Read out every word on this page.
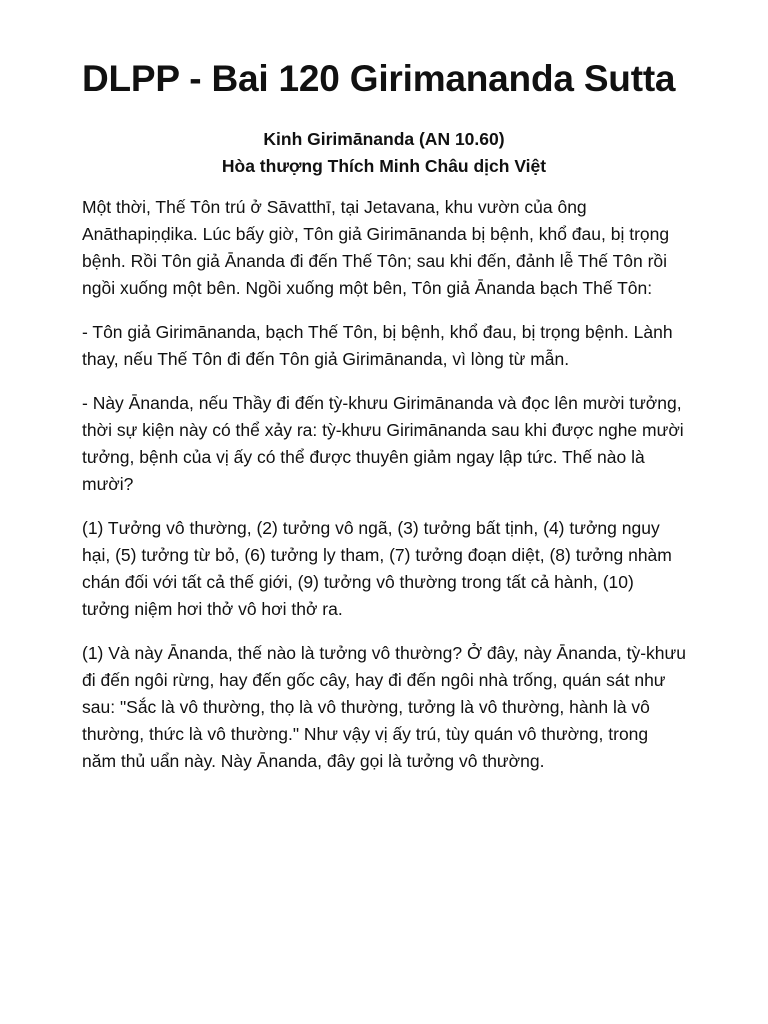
DLPP - Bai 120 Girimananda Sutta
Kinh Girimānanda (AN 10.60)
Hòa thượng Thích Minh Châu dịch Việt

Một thời, Thế Tôn trú ở Sāvatthī, tại Jetavana, khu vườn của ông Anāthapiṇḍika. Lúc bấy giờ, Tôn giả Girimānanda bị bệnh, khổ đau, bị trọng bệnh. Rồi Tôn giả Ānanda đi đến Thế Tôn; sau khi đến, đảnh lễ Thế Tôn rồi ngồi xuống một bên. Ngồi xuống một bên, Tôn giả Ānanda bạch Thế Tôn:

- Tôn giả Girimānanda, bạch Thế Tôn, bị bệnh, khổ đau, bị trọng bệnh. Lành thay, nếu Thế Tôn đi đến Tôn giả Girimānanda, vì lòng từ mẫn.

- Này Ānanda, nếu Thầy đi đến tỳ-khưu Girimānanda và đọc lên mười tưởng, thời sự kiện này có thể xảy ra: tỳ-khưu Girimānanda sau khi được nghe mười tưởng, bệnh của vị ấy có thể được thuyên giảm ngay lập tức. Thế nào là mười?

(1) Tưởng vô thường, (2) tưởng vô ngã, (3) tưởng bất tịnh, (4) tưởng nguy hại, (5) tưởng từ bỏ, (6) tưởng ly tham, (7) tưởng đoạn diệt, (8) tưởng nhàm chán đối với tất cả thế giới, (9) tưởng vô thường trong tất cả hành, (10) tưởng niệm hơi thở vô hơi thở ra.

(1) Và này Ānanda, thế nào là tưởng vô thường? Ở đây, này Ānanda, tỳ-khưu đi đến ngôi rừng, hay đến gốc cây, hay đi đến ngôi nhà trống, quán sát như sau: "Sắc là vô thường, thọ là vô thường, tưởng là vô thường, hành là vô thường, thức là vô thường." Như vậy vị ấy trú, tùy quán vô thường, trong năm thủ uẩn này. Này Ānanda, đây gọi là tưởng vô thường.
